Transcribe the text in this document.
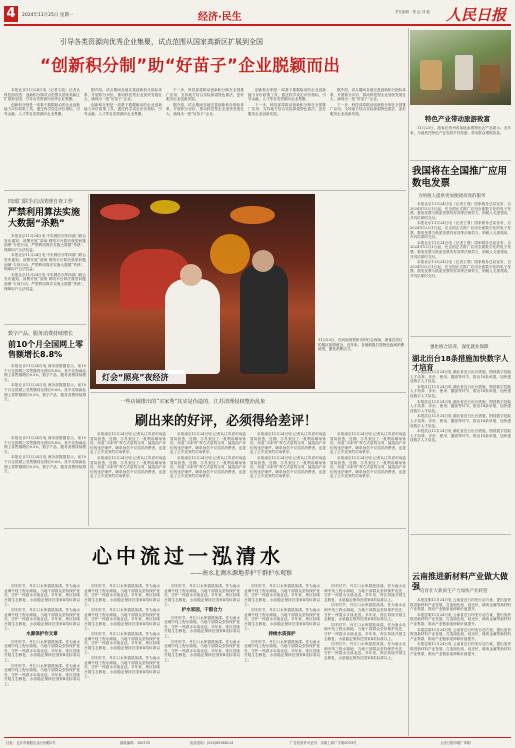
4	2024年11月25日 星期一	经济·民生	责任编辑：程 远 刘 健 人民日报
引导各类资源向优秀企业集聚，试点范围从国家高新区扩展到全国
“创新积分制”助“好苗子”企业脱颖而出

本报北京11月24日电（记者王政）记者从科技部获悉：创新积分制试点范围从国家高新区扩展到全国，引导各类资源向优秀企业集聚。

创新积分制是一项基于数据驱动的企业创新能力评价政策工具，通过科学设定评价指标，引导金融、人才等各类资源向企业集聚。

据介绍，试点期间各地完善创新积分指标体系，开展积分评价，推动科技型企业加快发展壮大，涌现出一批“好苗子”企业。

创新积分制是一项基于数据驱动的企业创新能力评价政策工具，通过科学设定评价指标，引导金融、人才等各类资源向企业集聚。

下一步，科技部将推动创新积分制在全国推广应用，支持地方结合实际探索特色做法，更好服务企业创新发展。

据介绍，试点期间各地完善创新积分指标体系，开展积分评价，推动科技型企业加快发展壮大，涌现出一批“好苗子”企业。

创新积分制是一项基于数据驱动的企业创新能力评价政策工具，通过科学设定评价指标，引导金融、人才等各类资源向企业集聚。

下一步，科技部将推动创新积分制在全国推广应用，支持地方结合实际探索特色做法，更好服务企业创新发展。

据介绍，试点期间各地完善创新积分指标体系，开展积分评价，推动科技型企业加快发展壮大，涌现出一批“好苗子”企业。

下一步，科技部将推动创新积分制在全国推广应用，支持地方结合实际探索特色做法，更好服务企业创新发展。

特色产业带动旅游致富
11月23日，游客在贵州省某地参观特色农产品展示。近年来，当地依托特色产业发展乡村旅游，带动群众增收致富。
四部门联手启动清理自查工作
严禁利用算法实施大数据“杀熟”

本报北京11月24日电 中央网信办等四部门联合发布通知，部署开展“清朗·网络平台算法典型问题治理”专项行动，严禁利用算法实施大数据“杀熟”，保障用户合法权益。

本报北京11月24日电 中央网信办等四部门联合发布通知，部署开展“清朗·网络平台算法典型问题治理”专项行动，严禁利用算法实施大数据“杀熟”，保障用户合法权益。

本报北京11月24日电 中央网信办等四部门联合发布通知，部署开展“清朗·网络平台算法典型问题治理”专项行动，严禁利用算法实施大数据“杀熟”，保障用户合法权益。

数字产品、服务消费持续增长
前10个月全国网上零售额增长8.8%

本报北京11月24日电 商务部数据显示，前10个月全国网上零售额同比增长8.8%，其中实物商品网上零售额增长8.3%，数字产品、服务消费持续增长。

本报北京11月24日电 商务部数据显示，前10个月全国网上零售额同比增长8.8%，其中实物商品网上零售额增长8.3%，数字产品、服务消费持续增长。

灯会“照亮”夜经济
11月23日，在河南省郑州市的灯会现场，游客在亮灯的展区拍照留念。近年来，各地积极打造特色夜间消费场景，激发消费活力。
我国将在全国推广应用数电发票
为纳税人提供更加便捷高效的服务

本报北京11月24日电（记者王观）国家税务总局宣布，自2024年12月1日起，在全国正式推广应用全面数字化的电子发票。数电发票与纸质发票具有同等法律效力，纳税人无需领用，开具后即时交付。

本报北京11月24日电（记者王观）国家税务总局宣布，自2024年12月1日起，在全国正式推广应用全面数字化的电子发票。数电发票与纸质发票具有同等法律效力，纳税人无需领用，开具后即时交付。

本报北京11月24日电（记者王观）国家税务总局宣布，自2024年12月1日起，在全国正式推广应用全面数字化的电子发票。数电发票与纸质发票具有同等法律效力，纳税人无需领用，开具后即时交付。

本报北京11月24日电（记者王观）国家税务总局宣布，自2024年12月1日起，在全国正式推广应用全面数字化的电子发票。数电发票与纸质发票具有同等法律效力，纳税人无需领用，开具后即时交付。

强化统合培养，深化就业保障
湖北出台18条措施加快数字人才培育

本报武汉11月24日电 湖北省近日出台措施，围绕数字技能人才培养、评价、使用、激励等环节，推出18条举措，加快建设数字人才队伍。

本报武汉11月24日电 湖北省近日出台措施，围绕数字技能人才培养、评价、使用、激励等环节，推出18条举措，加快建设数字人才队伍。

本报武汉11月24日电 湖北省近日出台措施，围绕数字技能人才培养、评价、使用、激励等环节，推出18条举措，加快建设数字人才队伍。

本报武汉11月24日电 湖北省近日出台措施，围绕数字技能人才培养、评价、使用、激励等环节，推出18条举措，加快建设数字人才队伍。

本报武汉11月24日电 湖北省近日出台措施，围绕数字技能人才培养、评价、使用、激励等环节，推出18条举措，加快建设数字人才队伍。

一些店铺推出的“买家秀”其实是伪造的，江苏清理侵权整治乱象
刷出来的好评，必须得给差评！

本报南京11月24日电 记者从江苏省市场监管局获悉，近期，江苏查处了一批利用刷单炒信、伪造“买家秀”等方式虚构交易、编造用户评价的违法案件。刷单炒信不仅误导消费者，也扰乱了公平竞争的市场秩序。

本报南京11月24日电 记者从江苏省市场监管局获悉，近期，江苏查处了一批利用刷单炒信、伪造“买家秀”等方式虚构交易、编造用户评价的违法案件。刷单炒信不仅误导消费者，也扰乱了公平竞争的市场秩序。

本报南京11月24日电 记者从江苏省市场监管局获悉，近期，江苏查处了一批利用刷单炒信、伪造“买家秀”等方式虚构交易、编造用户评价的违法案件。刷单炒信不仅误导消费者，也扰乱了公平竞争的市场秩序。

本报南京11月24日电 记者从江苏省市场监管局获悉，近期，江苏查处了一批利用刷单炒信、伪造“买家秀”等方式虚构交易、编造用户评价的违法案件。刷单炒信不仅误导消费者，也扰乱了公平竞争的市场秩序。

本报南京11月24日电 记者从江苏省市场监管局获悉，近期，江苏查处了一批利用刷单炒信、伪造“买家秀”等方式虚构交易、编造用户评价的违法案件。刷单炒信不仅误导消费者，也扰乱了公平竞争的市场秩序。

本报南京11月24日电 记者从江苏省市场监管局获悉，近期，江苏查处了一批利用刷单炒信、伪造“买家秀”等方式虚构交易、编造用户评价的违法案件。刷单炒信不仅误导消费者，也扰乱了公平竞争的市场秩序。

本报南京11月24日电 记者从江苏省市场监管局获悉，近期，江苏查处了一批利用刷单炒信、伪造“买家秀”等方式虚构交易、编造用户评价的违法案件。刷单炒信不仅误导消费者，也扰乱了公平竞争的市场秩序。

本报南京11月24日电 记者从江苏省市场监管局获悉，近期，江苏查处了一批利用刷单炒信、伪造“买家秀”等方式虚构交易、编造用户评价的违法案件。刷单炒信不仅误导消费者，也扰乱了公平竞争的市场秩序。

本报北京11月24日电 商务部数据显示，前10个月全国网上零售额同比增长8.8%，其中实物商品网上零售额增长8.3%，数字产品、服务消费持续增长。

本报北京11月24日电 商务部数据显示，前10个月全国网上零售额同比增长8.8%，其中实物商品网上零售额增长8.3%，数字产品、服务消费持续增长。

心中流过一泓清水
——南水北调水源地养护干群护水观察

初冬时节，丹江口水库碧波荡漾。作为南水北调中线工程水源地，当地干部群众坚持保护优先，守护一库碧水永续北送。多年来，库区持续开展生态修复，水质稳定保持在国家Ⅱ类标准以上。

初冬时节，丹江口水库碧波荡漾。作为南水北调中线工程水源地，当地干部群众坚持保护优先，守护一库碧水永续北送。多年来，库区持续开展生态修复，水质稳定保持在国家Ⅱ类标准以上。

水源保护作文章

初冬时节，丹江口水库碧波荡漾。作为南水北调中线工程水源地，当地干部群众坚持保护优先，守护一库碧水永续北送。多年来，库区持续开展生态修复，水质稳定保持在国家Ⅱ类标准以上。

初冬时节，丹江口水库碧波荡漾。作为南水北调中线工程水源地，当地干部群众坚持保护优先，守护一库碧水永续北送。多年来，库区持续开展生态修复，水质稳定保持在国家Ⅱ类标准以上。

初冬时节，丹江口水库碧波荡漾。作为南水北调中线工程水源地，当地干部群众坚持保护优先，守护一库碧水永续北送。多年来，库区持续开展生态修复，水质稳定保持在国家Ⅱ类标准以上。

初冬时节，丹江口水库碧波荡漾。作为南水北调中线工程水源地，当地干部群众坚持保护优先，守护一库碧水永续北送。多年来，库区持续开展生态修复，水质稳定保持在国家Ⅱ类标准以上。

初冬时节，丹江口水库碧波荡漾。作为南水北调中线工程水源地，当地干部群众坚持保护优先，守护一库碧水永续北送。多年来，库区持续开展生态修复，水质稳定保持在国家Ⅱ类标准以上。

初冬时节，丹江口水库碧波荡漾。作为南水北调中线工程水源地，当地干部群众坚持保护优先，守护一库碧水永续北送。多年来，库区持续开展生态修复，水质稳定保持在国家Ⅱ类标准以上。

初冬时节，丹江口水库碧波荡漾。作为南水北调中线工程水源地，当地干部群众坚持保护优先，守护一库碧水永续北送。多年来，库区持续开展生态修复，水质稳定保持在国家Ⅱ类标准以上。

护水家园，干群合力

初冬时节，丹江口水库碧波荡漾。作为南水北调中线工程水源地，当地干部群众坚持保护优先，守护一库碧水永续北送。多年来，库区持续开展生态修复，水质稳定保持在国家Ⅱ类标准以上。

初冬时节，丹江口水库碧波荡漾。作为南水北调中线工程水源地，当地干部群众坚持保护优先，守护一库碧水永续北送。多年来，库区持续开展生态修复，水质稳定保持在国家Ⅱ类标准以上。

初冬时节，丹江口水库碧波荡漾。作为南水北调中线工程水源地，当地干部群众坚持保护优先，守护一库碧水永续北送。多年来，库区持续开展生态修复，水质稳定保持在国家Ⅱ类标准以上。

初冬时节，丹江口水库碧波荡漾。作为南水北调中线工程水源地，当地干部群众坚持保护优先，守护一库碧水永续北送。多年来，库区持续开展生态修复，水质稳定保持在国家Ⅱ类标准以上。

持续水质保护

初冬时节，丹江口水库碧波荡漾。作为南水北调中线工程水源地，当地干部群众坚持保护优先，守护一库碧水永续北送。多年来，库区持续开展生态修复，水质稳定保持在国家Ⅱ类标准以上。

初冬时节，丹江口水库碧波荡漾。作为南水北调中线工程水源地，当地干部群众坚持保护优先，守护一库碧水永续北送。多年来，库区持续开展生态修复，水质稳定保持在国家Ⅱ类标准以上。

初冬时节，丹江口水库碧波荡漾。作为南水北调中线工程水源地，当地干部群众坚持保护优先，守护一库碧水永续北送。多年来，库区持续开展生态修复，水质稳定保持在国家Ⅱ类标准以上。

初冬时节，丹江口水库碧波荡漾。作为南水北调中线工程水源地，当地干部群众坚持保护优先，守护一库碧水永续北送。多年来，库区持续开展生态修复，水质稳定保持在国家Ⅱ类标准以上。

初冬时节，丹江口水库碧波荡漾。作为南水北调中线工程水源地，当地干部群众坚持保护优先，守护一库碧水永续北送。多年来，库区持续开展生态修复，水质稳定保持在国家Ⅱ类标准以上。

云南推进新材料产业做大做强
培育壮大新质生产力加快产业转型

本报昆明11月24日电 云南省近日印发行动方案，提出加快推进新材料产业发展，打造绿色铝、硅光伏、稀贵金属等新材料产业集群，推动产业链条延伸和价值提升。

本报昆明11月24日电 云南省近日印发行动方案，提出加快推进新材料产业发展，打造绿色铝、硅光伏、稀贵金属等新材料产业集群，推动产业链条延伸和价值提升。

本报昆明11月24日电 云南省近日印发行动方案，提出加快推进新材料产业发展，打造绿色铝、硅光伏、稀贵金属等新材料产业集群，推动产业链条延伸和价值提升。

本报昆明11月24日电 云南省近日印发行动方案，提出加快推进新材料产业发展，打造绿色铝、硅光伏、稀贵金属等新材料产业集群，推动产业链条延伸和价值提升。

社址：北京市朝阳区金台西路2号	邮政编码：100733	电话查询：(010)65368114	广告经营许可证号：京朝工商广字第0053号	人民日报印刷厂印刷
